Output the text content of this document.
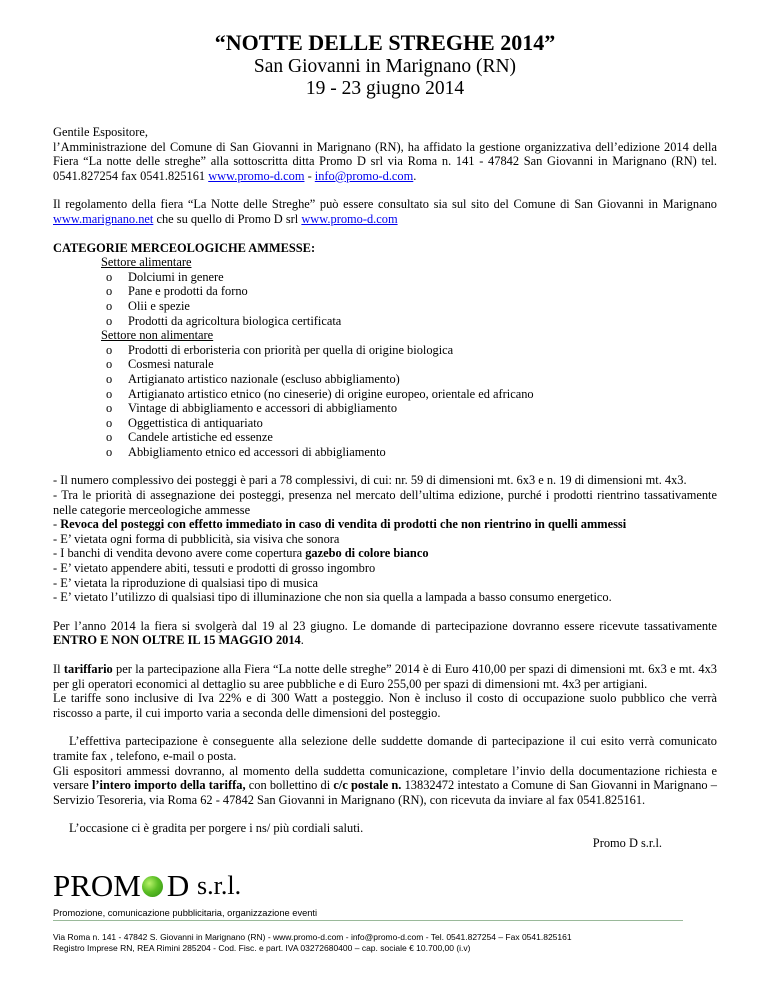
“NOTTE DELLE STREGHE 2014”

San Giovanni in Marignano (RN)

19 - 23 giugno 2014

Gentile Espositore,

l’Amministrazione del Comune di San Giovanni in Marignano (RN), ha affidato la gestione organizzativa dell’edizione 2014 della Fiera “La notte delle streghe” alla sottoscritta ditta Promo D srl via Roma n. 141 - 47842 San Giovanni in Marignano (RN) tel. 0541.827254 fax 0541.825161 www.promo-d.com - info@promo-d.com.

Il regolamento della fiera “La Notte delle Streghe” può essere consultato sia sul sito del Comune di San Giovanni in Marignano www.marignano.net che su quello di Promo D srl www.promo-d.com

CATEGORIE MERCEOLOGICHE AMMESSE:

Settore alimentare

o Dolciumi in genere
o Pane e prodotti da forno
o Olii e spezie
o Prodotti da agricoltura biologica certificata

Settore non alimentare

o Prodotti di erboristeria con priorità per quella di origine biologica
o Cosmesi naturale
o Artigianato artistico nazionale (escluso abbigliamento)
o Artigianato artistico etnico (no cineserie) di origine europeo, orientale ed africano
o Vintage di abbigliamento e accessori di abbigliamento
o Oggettistica di antiquariato
o Candele artistiche ed essenze
o Abbigliamento etnico ed accessori di abbigliamento

- Il numero complessivo dei posteggi è pari a 78 complessivi, di cui: nr. 59 di dimensioni mt. 6x3 e n. 19 di dimensioni mt. 4x3.

- Tra le priorità di assegnazione dei posteggi, presenza nel mercato dell’ultima edizione, purché i prodotti rientrino tassativamente nelle categorie merceologiche ammesse

- Revoca del posteggi con effetto immediato in caso di vendita di prodotti che non rientrino in quelli ammessi

- E’ vietata ogni forma di pubblicità, sia visiva che sonora

- I banchi di vendita devono avere come copertura gazebo di colore bianco

- E’ vietato appendere abiti, tessuti e prodotti di grosso ingombro

- E’ vietata la riproduzione di qualsiasi tipo di musica

- E’ vietato l’utilizzo di qualsiasi tipo di illuminazione che non sia quella a lampada a basso consumo energetico.

Per l’anno 2014 la fiera si svolgerà dal 19 al 23 giugno. Le domande di partecipazione dovranno essere ricevute tassativamente ENTRO E NON OLTRE IL 15 MAGGIO 2014.

Il tariffario per la partecipazione alla Fiera “La notte delle streghe” 2014 è di Euro 410,00 per spazi di dimensioni mt. 6x3 e mt. 4x3 per gli operatori economici al dettaglio su aree pubbliche e di Euro 255,00 per spazi di dimensioni mt. 4x3 per artigiani.

Le tariffe sono inclusive di Iva 22% e di 300 Watt a posteggio. Non è incluso il costo di occupazione suolo pubblico che verrà riscosso a parte, il cui importo varia a seconda delle dimensioni del posteggio.

L’effettiva partecipazione è conseguente alla selezione delle suddette domande di partecipazione il cui esito verrà comunicato tramite fax , telefono, e-mail o posta.

Gli espositori ammessi dovranno, al momento della suddetta comunicazione, completare l’invio della documentazione richiesta e versare l’intero importo della tariffa, con bollettino di c/c postale n. 13832472 intestato a Comune di San Giovanni in Marignano – Servizio Tesoreria, via Roma 62 - 47842 San Giovanni in Marignano (RN), con ricevuta da inviare al fax 0541.825161.

L’occasione ci è gradita per porgere i ns/ più cordiali saluti.

Promo D s.r.l.

PROM D
s.r.l.
Promozione, comunicazione pubblicitaria, organizzazione eventi
Via Roma n. 141 - 47842 S. Giovanni in Marignano (RN) - www.promo-d.com - info@promo-d.com - Tel. 0541.827254 – Fax 0541.825161
Registro Imprese RN, REA Rimini 285204 - Cod. Fisc. e part. IVA 03272680400 – cap. sociale € 10.700,00 (i.v)
